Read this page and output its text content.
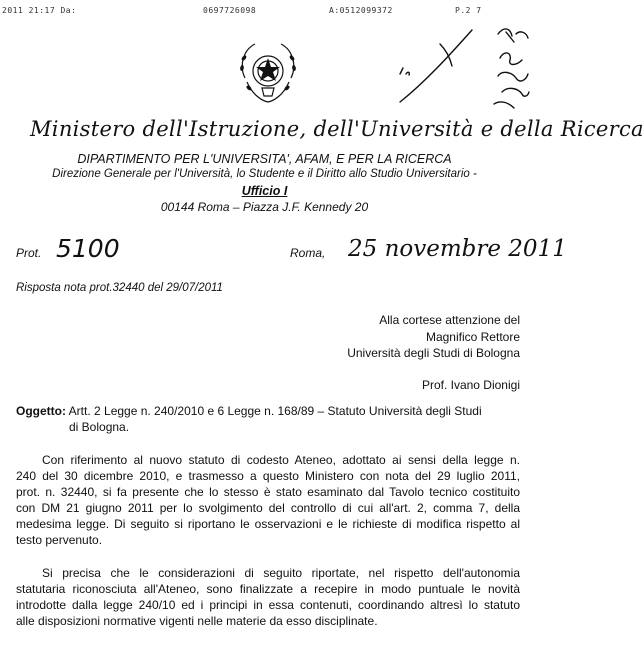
2011 21:17 Da:	0697726098	A:0512099372	P.2 7
Ministero dell'Istruzione, dell'Università e della Ricerca
DIPARTIMENTO PER L'UNIVERSITA', AFAM, E PER LA RICERCA
Direzione Generale per l'Università, lo Studente e il Diritto allo Studio Universitario -
Ufficio I
00144 Roma – Piazza J.F. Kennedy 20
Prot. 5100	Roma, 25 novembre 2011
Risposta nota prot.32440 del 29/07/2011
Alla cortese attenzione del
Magnifico Rettore
Università degli Studi di Bologna
Prof. Ivano Dionigi
Oggetto: Artt. 2 Legge n. 240/2010 e 6 Legge n. 168/89 – Statuto Università degli Studi
di Bologna.
Con riferimento al nuovo statuto di codesto Ateneo, adottato ai sensi della legge n.
240 del 30 dicembre 2010, e trasmesso a questo Ministero con nota del 29 luglio 2011,
prot. n. 32440, si fa presente che lo stesso è stato esaminato dal Tavolo tecnico costituito
con DM 21 giugno 2011 per lo svolgimento del controllo di cui all'art. 2, comma 7, della
medesima legge. Di seguito si riportano le osservazioni e le richieste di modifica rispetto al
testo pervenuto.
Si precisa che le considerazioni di seguito riportate, nel rispetto dell'autonomia
statutaria riconosciuta all'Ateneo, sono finalizzate a recepire in modo puntuale le novità
introdotte dalla legge 240/10 ed i principi in essa contenuti, coordinando altresì lo statuto
alle disposizioni normative vigenti nelle materie da esso disciplinate.
